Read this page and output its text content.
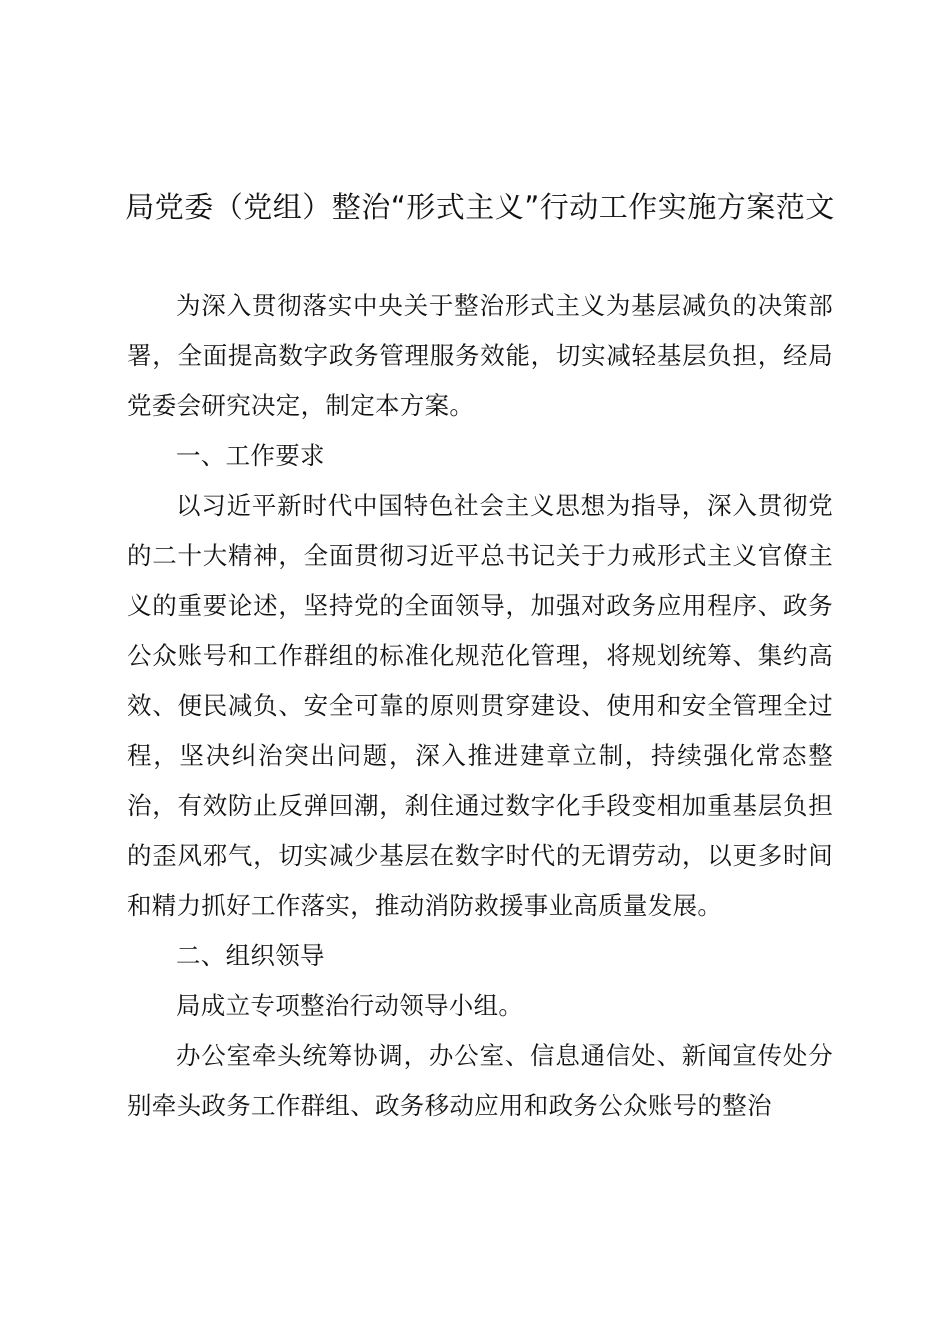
局党委（党组）整治“形式主义”行动工作实施方案范文

为深入贯彻落实中央关于整治形式主义为基层减负的决策部署，全面提高数字政务管理服务效能，切实减轻基层负担，经局党委会研究决定，制定本方案。

一、工作要求

以习近平新时代中国特色社会主义思想为指导，深入贯彻党的二十大精神，全面贯彻习近平总书记关于力戒形式主义官僚主义的重要论述，坚持党的全面领导，加强对政务应用程序、政务公众账号和工作群组的标准化规范化管理，将规划统筹、集约高效、便民减负、安全可靠的原则贯穿建设、使用和安全管理全过程，坚决纠治突出问题，深入推进建章立制，持续强化常态整治，有效防止反弹回潮，刹住通过数字化手段变相加重基层负担的歪风邪气，切实减少基层在数字时代的无谓劳动，以更多时间和精力抓好工作落实，推动消防救援事业高质量发展。

二、组织领导

局成立专项整治行动领导小组。

办公室牵头统筹协调，办公室、信息通信处、新闻宣传处分别牵头政务工作群组、政务移动应用和政务公众账号的整治
